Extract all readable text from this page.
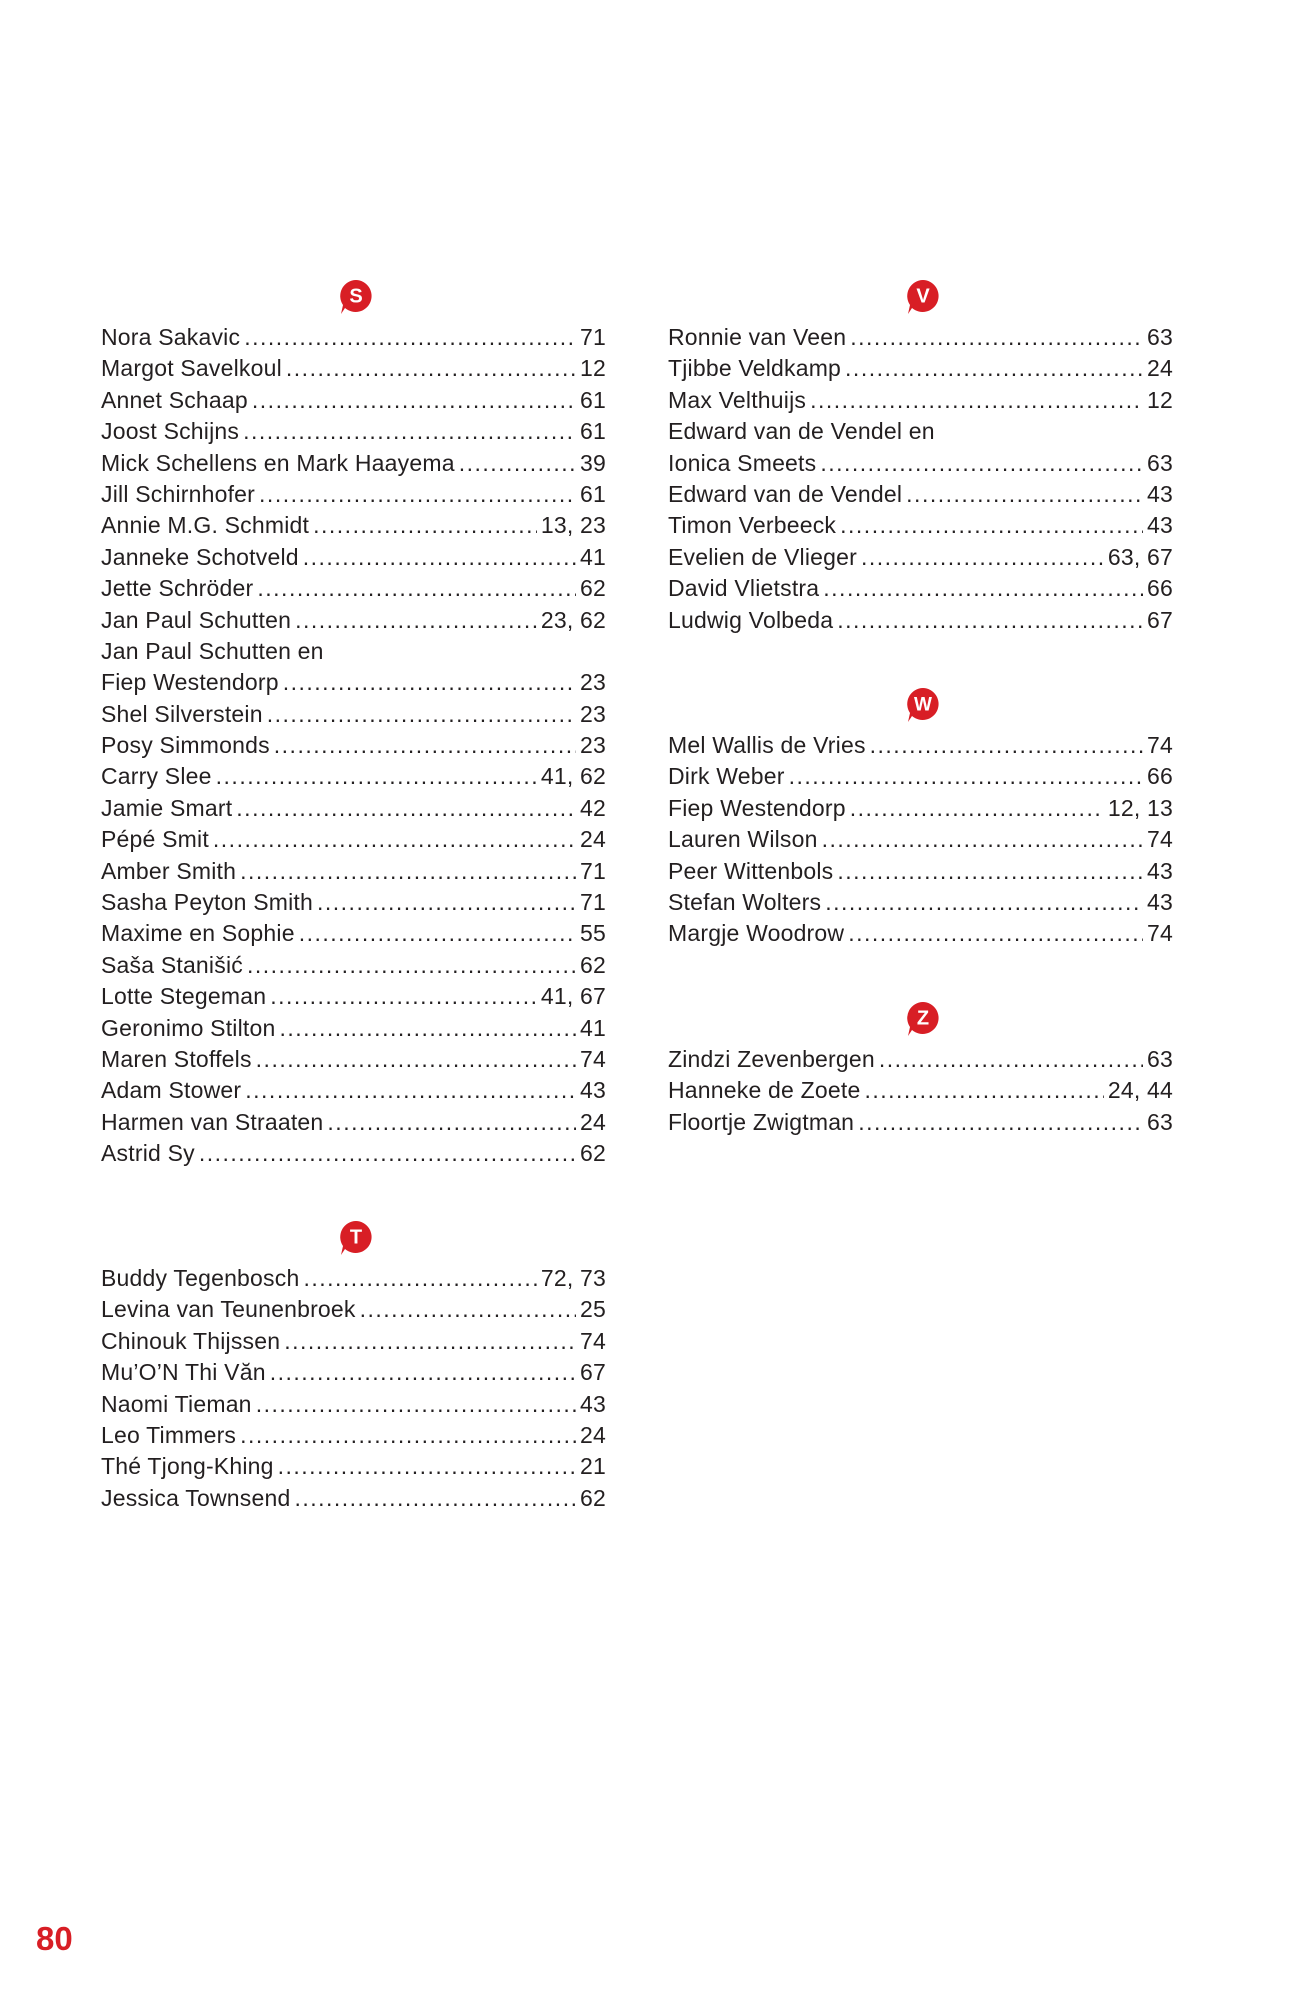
S
Nora Sakavic .....	71
Margot Savelkoul .....	12
Annet Schaap .....	61
Joost Schijns .....	61
Mick Schellens en Mark Haayema .....	39
Jill Schirnhofer .....	61
Annie M.G. Schmidt .....	13, 23
Janneke Schotveld .....	41
Jette Schröder .....	62
Jan Paul Schutten .....	23, 62
Jan Paul Schutten en
Fiep Westendorp .....	23
Shel Silverstein .....	23
Posy Simmonds .....	23
Carry Slee .....	41, 62
Jamie Smart .....	42
Pépé Smit .....	24
Amber Smith .....	71
Sasha Peyton Smith .....	71
Maxime en Sophie .....	55
Saša Stanišić .....	62
Lotte Stegeman .....	41, 67
Geronimo Stilton .....	41
Maren Stoffels .....	74
Adam Stower .....	43
Harmen van Straaten .....	24
Astrid Sy .....	62
T
Buddy Tegenbosch .....	72, 73
Levina van Teunenbroek .....	25
Chinouk Thijssen .....	74
Mu’O’N Thi Văn .....	67
Naomi Tieman .....	43
Leo Timmers .....	24
Thé Tjong-Khing .....	21
Jessica Townsend .....	62
V
Ronnie van Veen .....	63
Tjibbe Veldkamp .....	24
Max Velthuijs .....	12
Edward van de Vendel en
Ionica Smeets .....	63
Edward van de Vendel .....	43
Timon Verbeeck .....	43
Evelien de Vlieger .....	63, 67
David Vlietstra .....	66
Ludwig Volbeda .....	67
W
Mel Wallis de Vries .....	74
Dirk Weber .....	66
Fiep Westendorp .....	12, 13
Lauren Wilson .....	74
Peer Wittenbols .....	43
Stefan Wolters .....	43
Margje Woodrow .....	74
Z
Zindzi Zevenbergen .....	63
Hanneke de Zoete .....	24, 44
Floortje Zwigtman .....	63
80
